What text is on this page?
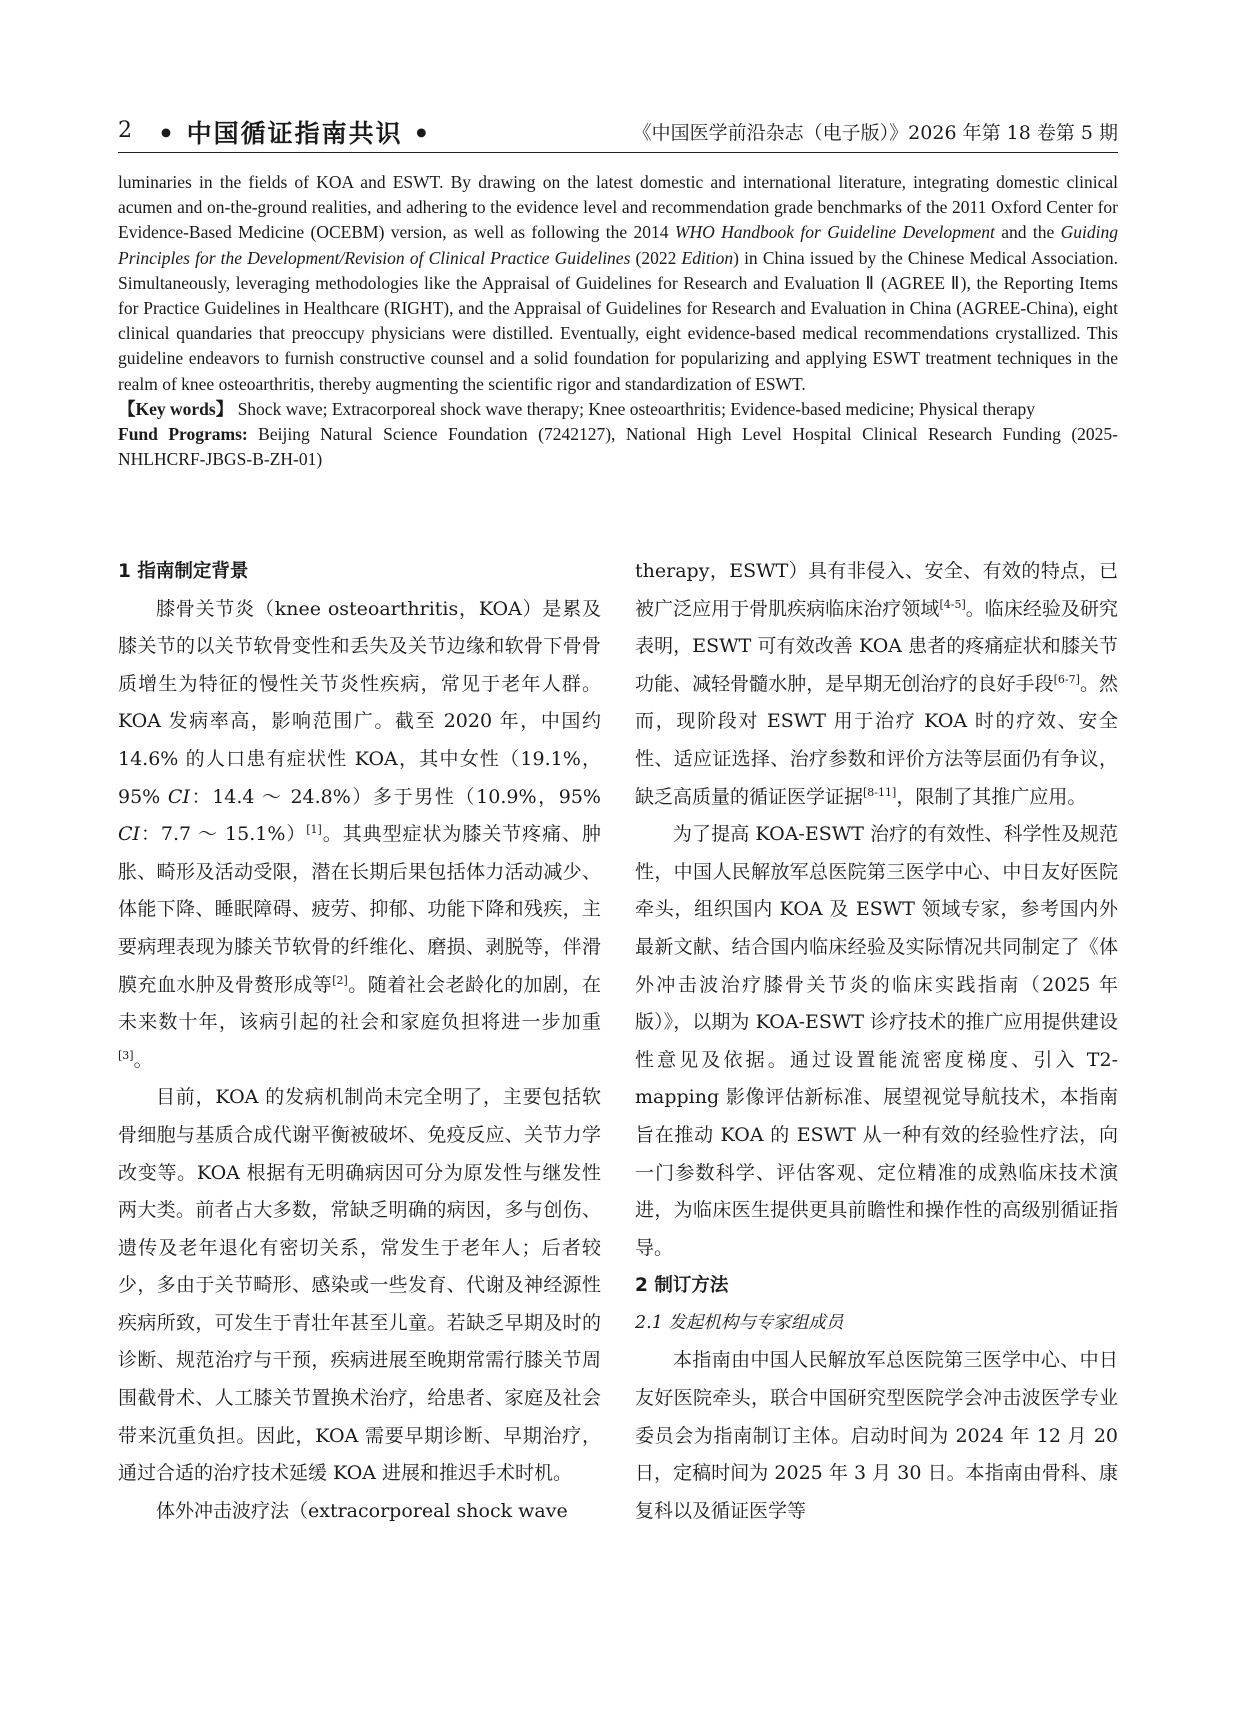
2 • 中国循证指南共识 •	《中国医学前沿杂志（电子版）》2026 年第 18 卷第 5 期

luminaries in the fields of KOA and ESWT. By drawing on the latest domestic and international literature, integrating domestic clinical acumen and on-the-ground realities, and adhering to the evidence level and recommendation grade benchmarks of the 2011 Oxford Center for Evidence-Based Medicine (OCEBM) version, as well as following the 2014 WHO Handbook for Guideline Development and the Guiding Principles for the Development/Revision of Clinical Practice Guidelines (2022 Edition) in China issued by the Chinese Medical Association. Simultaneously, leveraging methodologies like the Appraisal of Guidelines for Research and Evaluation Ⅱ (AGREE Ⅱ), the Reporting Items for Practice Guidelines in Healthcare (RIGHT), and the Appraisal of Guidelines for Research and Evaluation in China (AGREE-China), eight clinical quandaries that preoccupy physicians were distilled. Eventually, eight evidence-based medical recommendations crystallized. This guideline endeavors to furnish constructive counsel and a solid foundation for popularizing and applying ESWT treatment techniques in the realm of knee osteoarthritis, thereby augmenting the scientific rigor and standardization of ESWT.

【Key words】 Shock wave; Extracorporeal shock wave therapy; Knee osteoarthritis; Evidence-based medicine; Physical therapy

Fund Programs: Beijing Natural Science Foundation (7242127), National High Level Hospital Clinical Research Funding (2025-NHLHCRF-JBGS-B-ZH-01)

1 指南制定背景

膝骨关节炎（knee osteoarthritis，KOA）是累及膝关节的以关节软骨变性和丢失及关节边缘和软骨下骨骨质增生为特征的慢性关节炎性疾病，常见于老年人群。KOA 发病率高，影响范围广。截至 2020 年，中国约 14.6% 的人口患有症状性 KOA，其中女性（19.1%，95% CI：14.4 ～ 24.8%）多于男性（10.9%，95% CI：7.7 ～ 15.1%）[1]。其典型症状为膝关节疼痛、肿胀、畸形及活动受限，潜在长期后果包括体力活动减少、体能下降、睡眠障碍、疲劳、抑郁、功能下降和残疾，主要病理表现为膝关节软骨的纤维化、磨损、剥脱等，伴滑膜充血水肿及骨赘形成等[2]。随着社会老龄化的加剧，在未来数十年，该病引起的社会和家庭负担将进一步加重[3]。

目前，KOA 的发病机制尚未完全明了，主要包括软骨细胞与基质合成代谢平衡被破坏、免疫反应、关节力学改变等。KOA 根据有无明确病因可分为原发性与继发性两大类。前者占大多数，常缺乏明确的病因，多与创伤、遗传及老年退化有密切关系，常发生于老年人；后者较少，多由于关节畸形、感染或一些发育、代谢及神经源性疾病所致，可发生于青壮年甚至儿童。若缺乏早期及时的诊断、规范治疗与干预，疾病进展至晚期常需行膝关节周围截骨术、人工膝关节置换术治疗，给患者、家庭及社会带来沉重负担。因此，KOA 需要早期诊断、早期治疗，通过合适的治疗技术延缓 KOA 进展和推迟手术时机。

体外冲击波疗法（extracorporeal shock wave

therapy，ESWT）具有非侵入、安全、有效的特点，已被广泛应用于骨肌疾病临床治疗领域[4-5]。临床经验及研究表明，ESWT 可有效改善 KOA 患者的疼痛症状和膝关节功能、减轻骨髓水肿，是早期无创治疗的良好手段[6-7]。然而，现阶段对 ESWT 用于治疗 KOA 时的疗效、安全性、适应证选择、治疗参数和评价方法等层面仍有争议，缺乏高质量的循证医学证据[8-11]，限制了其推广应用。

为了提高 KOA-ESWT 治疗的有效性、科学性及规范性，中国人民解放军总医院第三医学中心、中日友好医院牵头，组织国内 KOA 及 ESWT 领域专家，参考国内外最新文献、结合国内临床经验及实际情况共同制定了《体外冲击波治疗膝骨关节炎的临床实践指南（2025 年版）》，以期为 KOA-ESWT 诊疗技术的推广应用提供建设性意见及依据。通过设置能流密度梯度、引入 T2-mapping 影像评估新标准、展望视觉导航技术，本指南旨在推动 KOA 的 ESWT 从一种有效的经验性疗法，向一门参数科学、评估客观、定位精准的成熟临床技术演进，为临床医生提供更具前瞻性和操作性的高级别循证指导。

2 制订方法
2.1 发起机构与专家组成员

本指南由中国人民解放军总医院第三医学中心、中日友好医院牵头，联合中国研究型医院学会冲击波医学专业委员会为指南制订主体。启动时间为 2024 年 12 月 20 日，定稿时间为 2025 年 3 月 30 日。本指南由骨科、康复科以及循证医学等
